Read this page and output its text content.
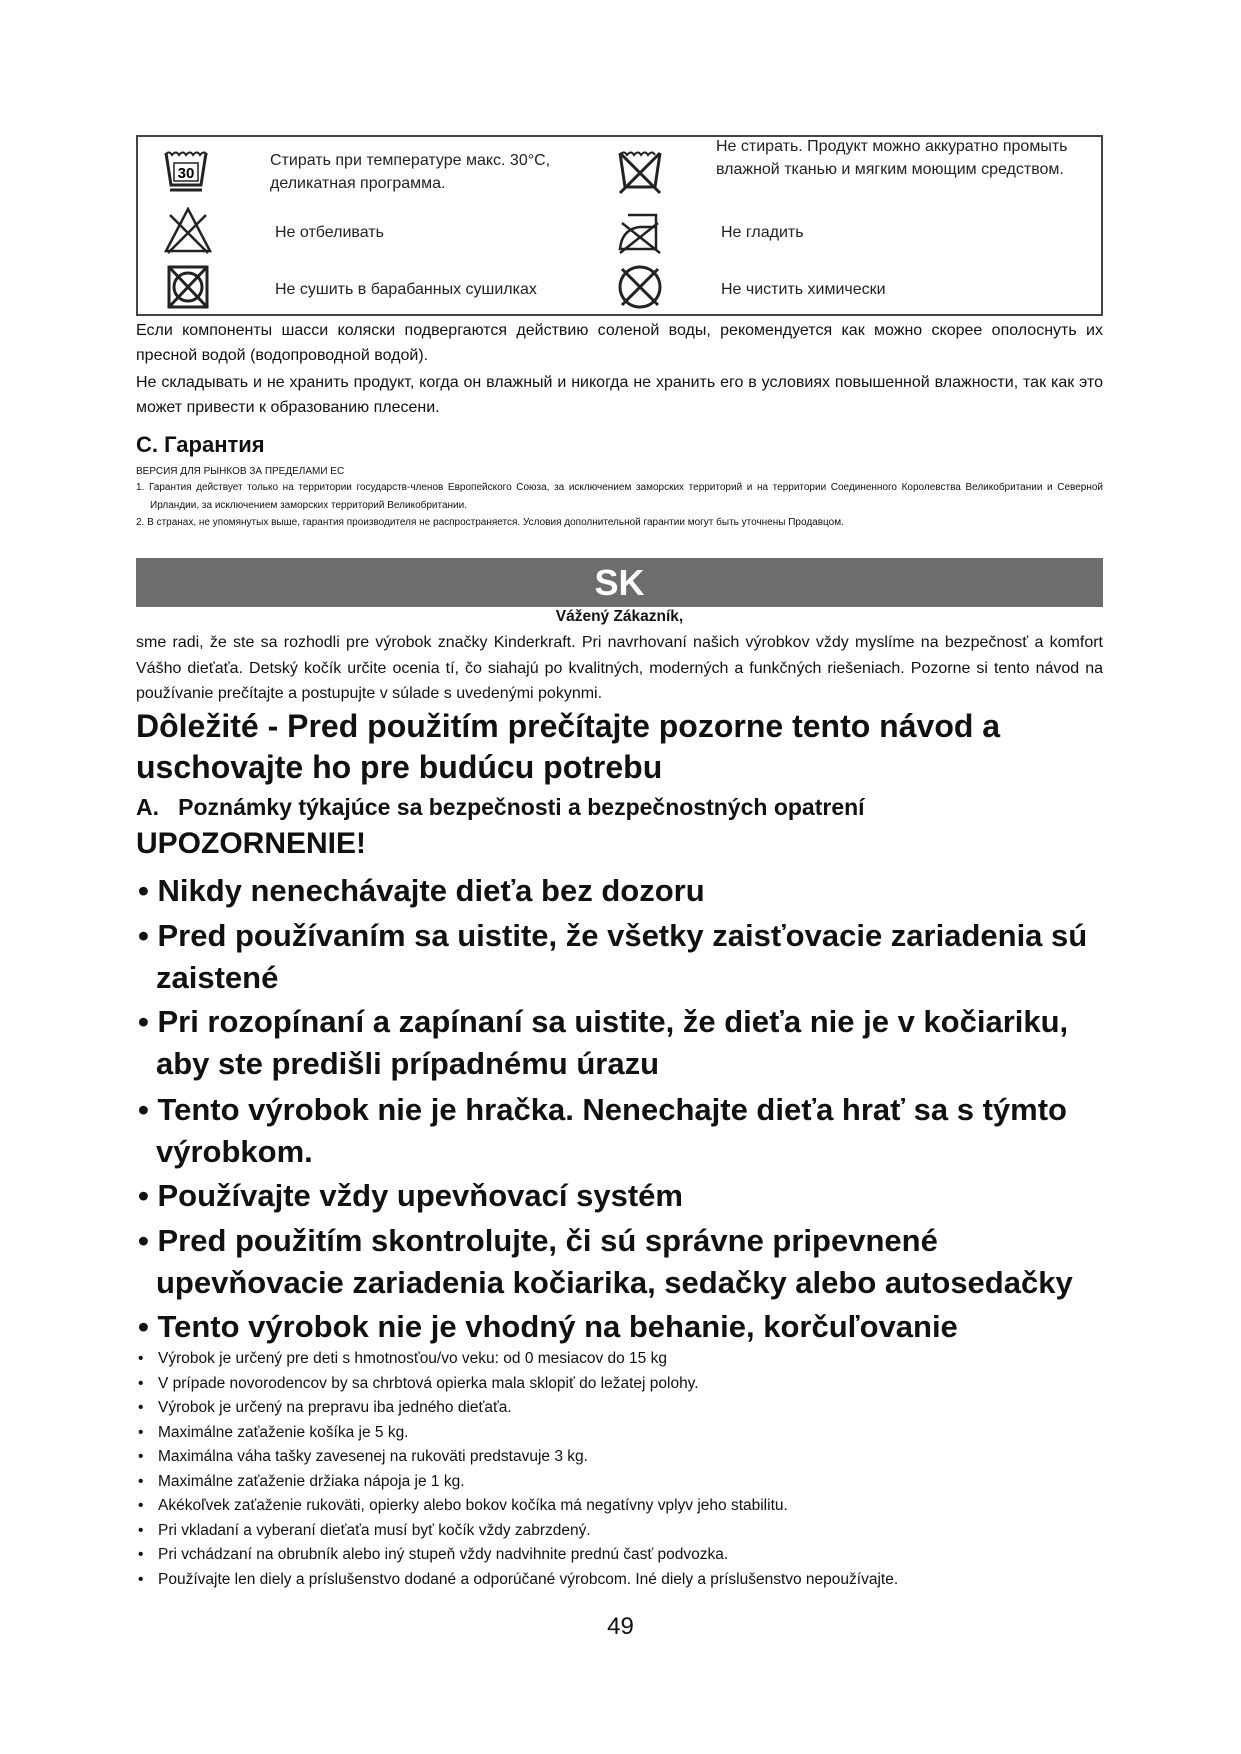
30
Стирать при температуре макс. 30°C, деликатная программа.
Не стирать. Продукт можно аккуратно промыть влажной тканью и мягким моющим средством.
Не отбеливать	Не гладить
Не сушить в барабанных сушилках	Не чистить химически
Если компоненты шасси коляски подвергаются действию соленой воды, рекомендуется как можно скорее ополоснуть их пресной водой (водопроводной водой).
Не складывать и не хранить продукт, когда он влажный и никогда не хранить его в условиях повышенной влажности, так как это может привести к образованию плесени.
C. Гарантия
ВЕРСИЯ ДЛЯ РЫНКОВ ЗА ПРЕДЕЛАМИ ЕС
1. Гарантия действует только на территории государств-членов Европейского Союза, за исключением заморских территорий и на территории Соединенного Королевства Великобритании и Северной Ирландии, за исключением заморских территорий Великобритании.
2. В странах, не упомянутых выше, гарантия производителя не распространяется. Условия дополнительной гарантии могут быть уточнены Продавцом.
SK
Vážený Zákazník,
sme radi, že ste sa rozhodli pre výrobok značky Kinderkraft. Pri navrhovaní našich výrobkov vždy myslíme na bezpečnosť a komfort Vášho dieťaťa. Detský kočík určite ocenia tí, čo siahajú po kvalitných, moderných a funkčných riešeniach. Pozorne si tento návod na používanie prečítajte a postupujte v súlade s uvedenými pokynmi.
Dôležité - Pred použitím prečítajte pozorne tento návod a uschovajte ho pre budúcu potrebu
A.   Poznámky týkajúce sa bezpečnosti a bezpečnostných opatrení
UPOZORNENIE!
• Nikdy nenechávajte dieťa bez dozoru
• Pred používaním sa uistite, že všetky zaisťovacie zariadenia sú
zaistené
• Pri rozopínaní a zapínaní sa uistite, že dieťa nie je v kočiariku,
aby ste predišli prípadnému úrazu
• Tento výrobok nie je hračka. Nenechajte dieťa hrať sa s týmto
výrobkom.
• Používajte vždy upevňovací systém
• Pred použitím skontrolujte, či sú správne pripevnené
upevňovacie zariadenia kočiarika, sedačky alebo autosedačky
• Tento výrobok nie je vhodný na behanie, korčuľovanie
• Výrobok je určený pre deti s hmotnosťou/vo veku: od 0 mesiacov do 15 kg
• V prípade novorodencov by sa chrbtová opierka mala sklopiť do ležatej polohy.
• Výrobok je určený na prepravu iba jedného dieťaťa.
• Maximálne zaťaženie košíka je 5 kg.
• Maximálna váha tašky zavesenej na rukoväti predstavuje 3 kg.
• Maximálne zaťaženie držiaka nápoja je 1 kg.
• Akékoľvek zaťaženie rukoväti, opierky alebo bokov kočíka má negatívny vplyv jeho stabilitu.
• Pri vkladaní a vyberaní dieťaťa musí byť kočík vždy zabrzdený.
• Pri vchádzaní na obrubník alebo iný stupeň vždy nadvihnite prednú časť podvozka.
• Používajte len diely a príslušenstvo dodané a odporúčané výrobcom. Iné diely a príslušenstvo nepoužívajte.
49
